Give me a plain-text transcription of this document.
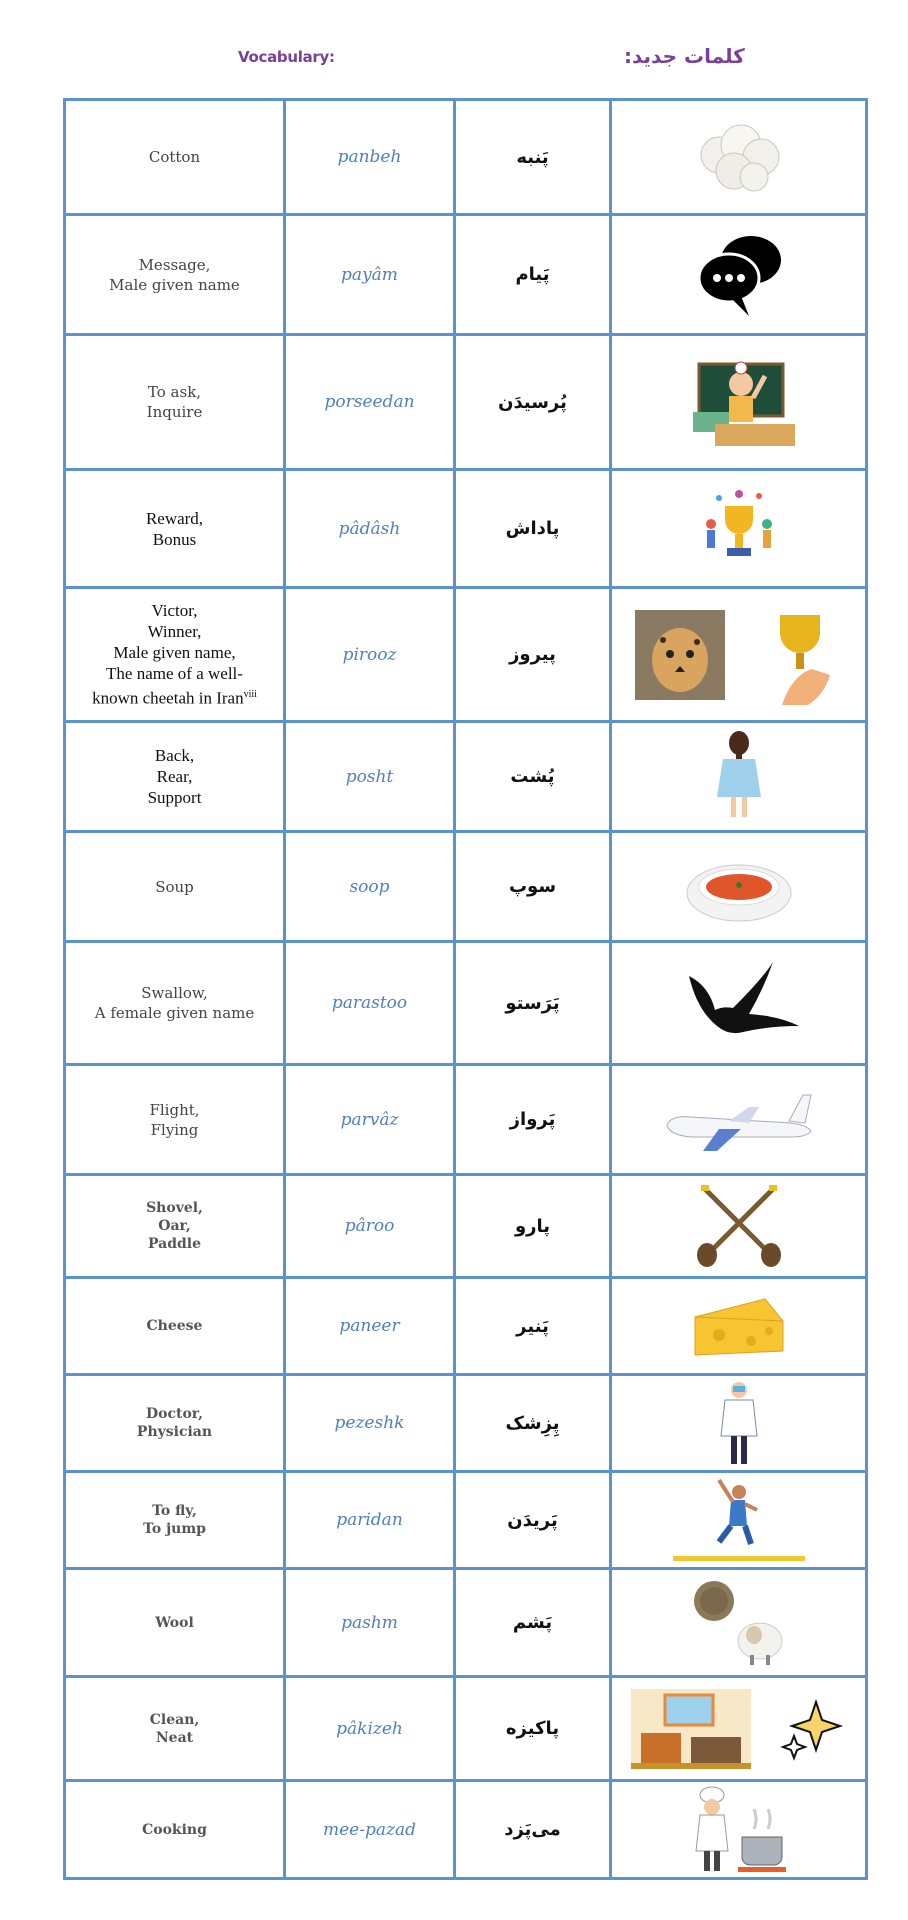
Vocabulary:	کلمات جدید:
Cotton	panbeh	پَنبه

Message,
Male given name	payâm	پَیام

To ask,
Inquire	porseedan	پُرسیدَن

Reward,
Bonus	pâdâsh	پاداش

Victor,
Winner,
Male given name,
The name of a well-
known cheetah in Iran$^{viii}$	pirooz	پیروز

Back,
Rear,
Support	posht	پُشت

Soup	soop	سوپ

Swallow,
A female given name	parastoo	پَرَستو

Flight,
Flying	parvâz	پَرواز

Shovel,
Oar,
Paddle	pâroo	پارو

Cheese	paneer	پَنیر

Doctor,
Physician	pezeshk	پِزِشک

To fly,
To jump	paridan	پَریدَن

Wool	pashm	پَشم

Clean,
Neat	pâkizeh	پاکیزه

Cooking	mee-pazad	می‌پَزد
